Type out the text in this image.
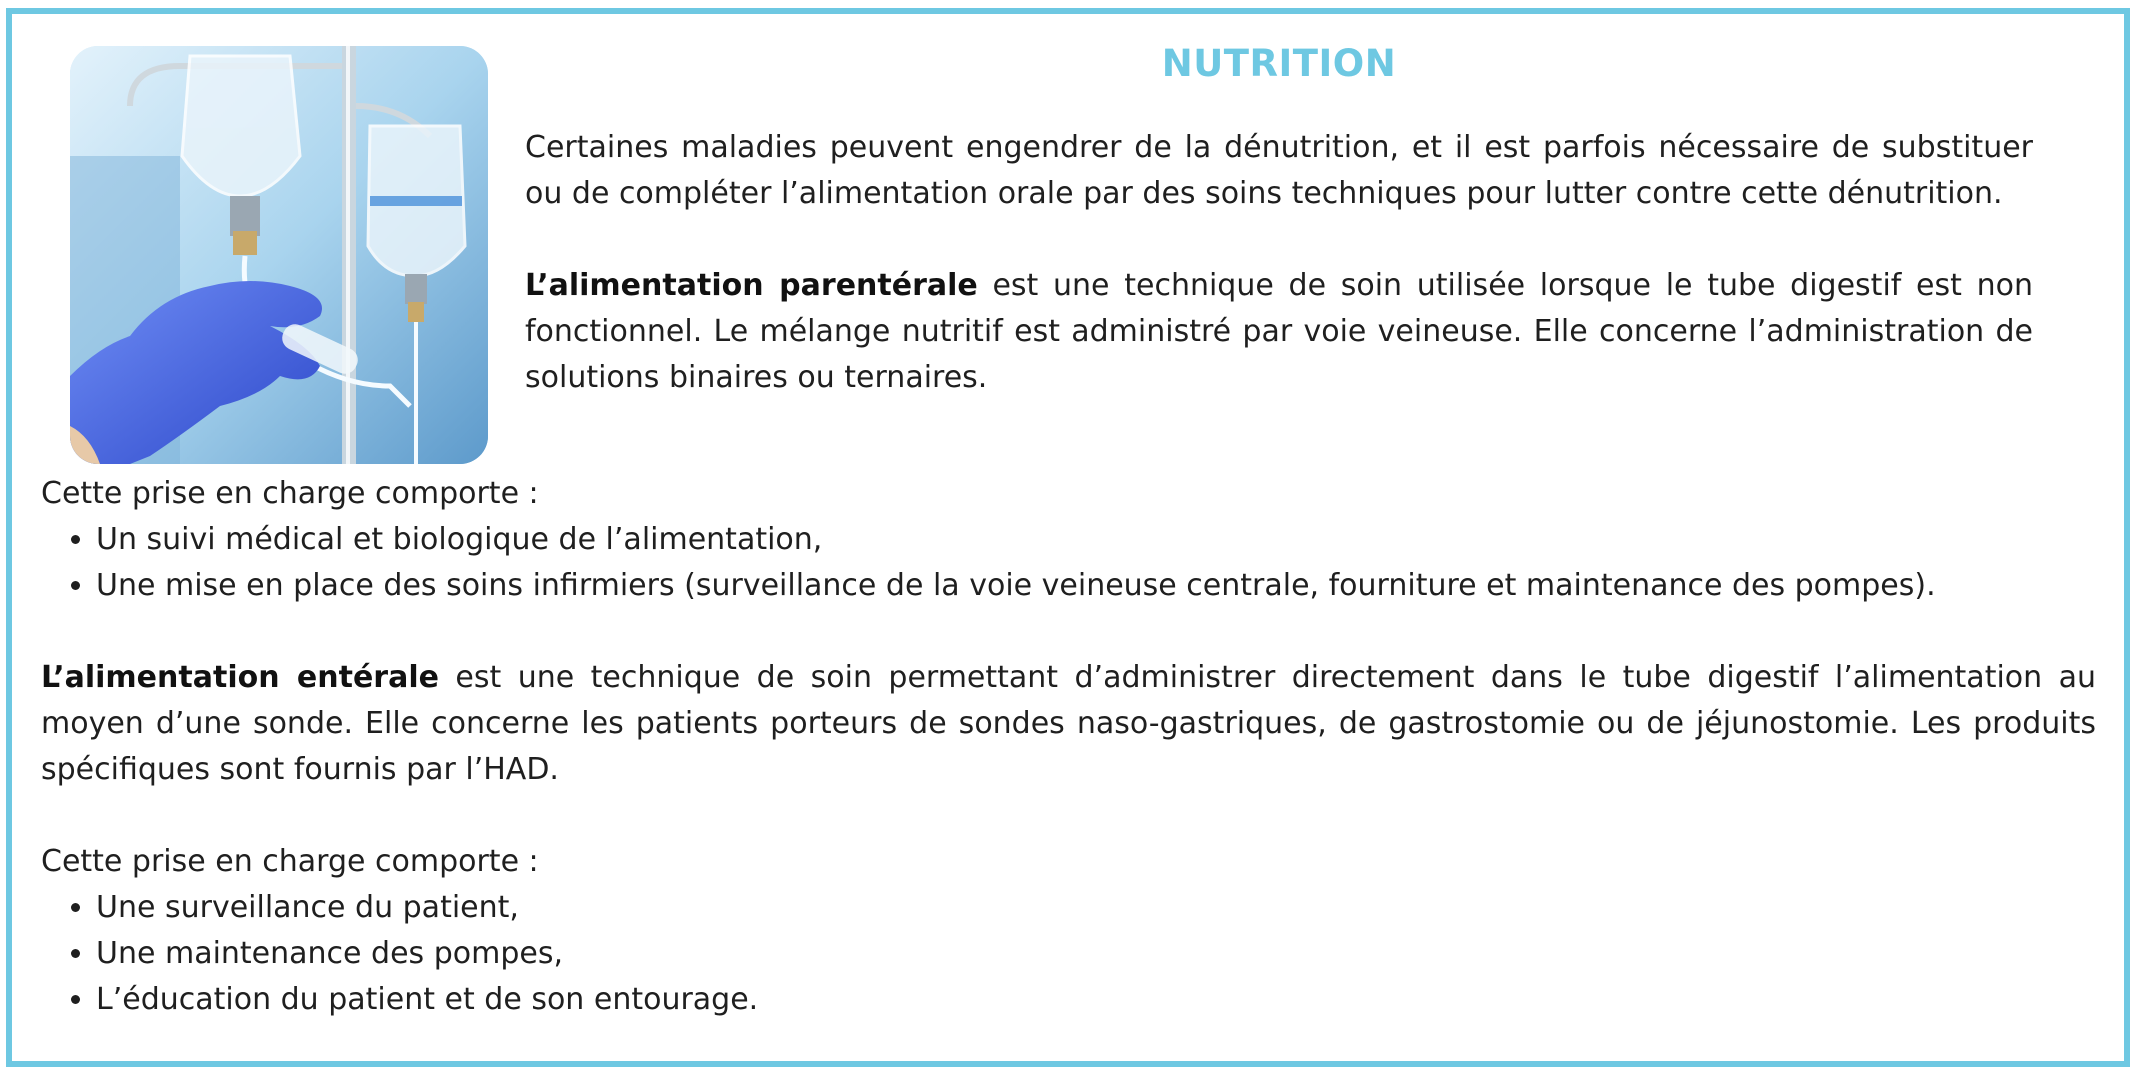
NUTRITION

Certaines maladies peuvent engendrer de la dénutrition, et il est parfois nécessaire de substituer ou de compléter l’alimentation orale par des soins techniques pour lutter contre cette dénutrition.

L’alimentation parentérale est une technique de soin utilisée lorsque le tube digestif est non fonctionnel. Le mélange nutritif est administré par voie veineuse. Elle concerne l’administration de solutions binaires ou ternaires.

Cette prise en charge comporte :

• Un suivi médical et biologique de l’alimentation,
• Une mise en place des soins infirmiers (surveillance de la voie veineuse centrale, fourniture et maintenance des pompes).

L’alimentation entérale est une technique de soin permettant d’administrer directement dans le tube digestif l’alimentation au moyen d’une sonde. Elle concerne les patients porteurs de sondes naso-gastriques, de gastrostomie ou de jéjunostomie. Les produits spécifiques sont fournis par l’HAD.

Cette prise en charge comporte :

• Une surveillance du patient,
• Une maintenance des pompes,
• L’éducation du patient et de son entourage.
